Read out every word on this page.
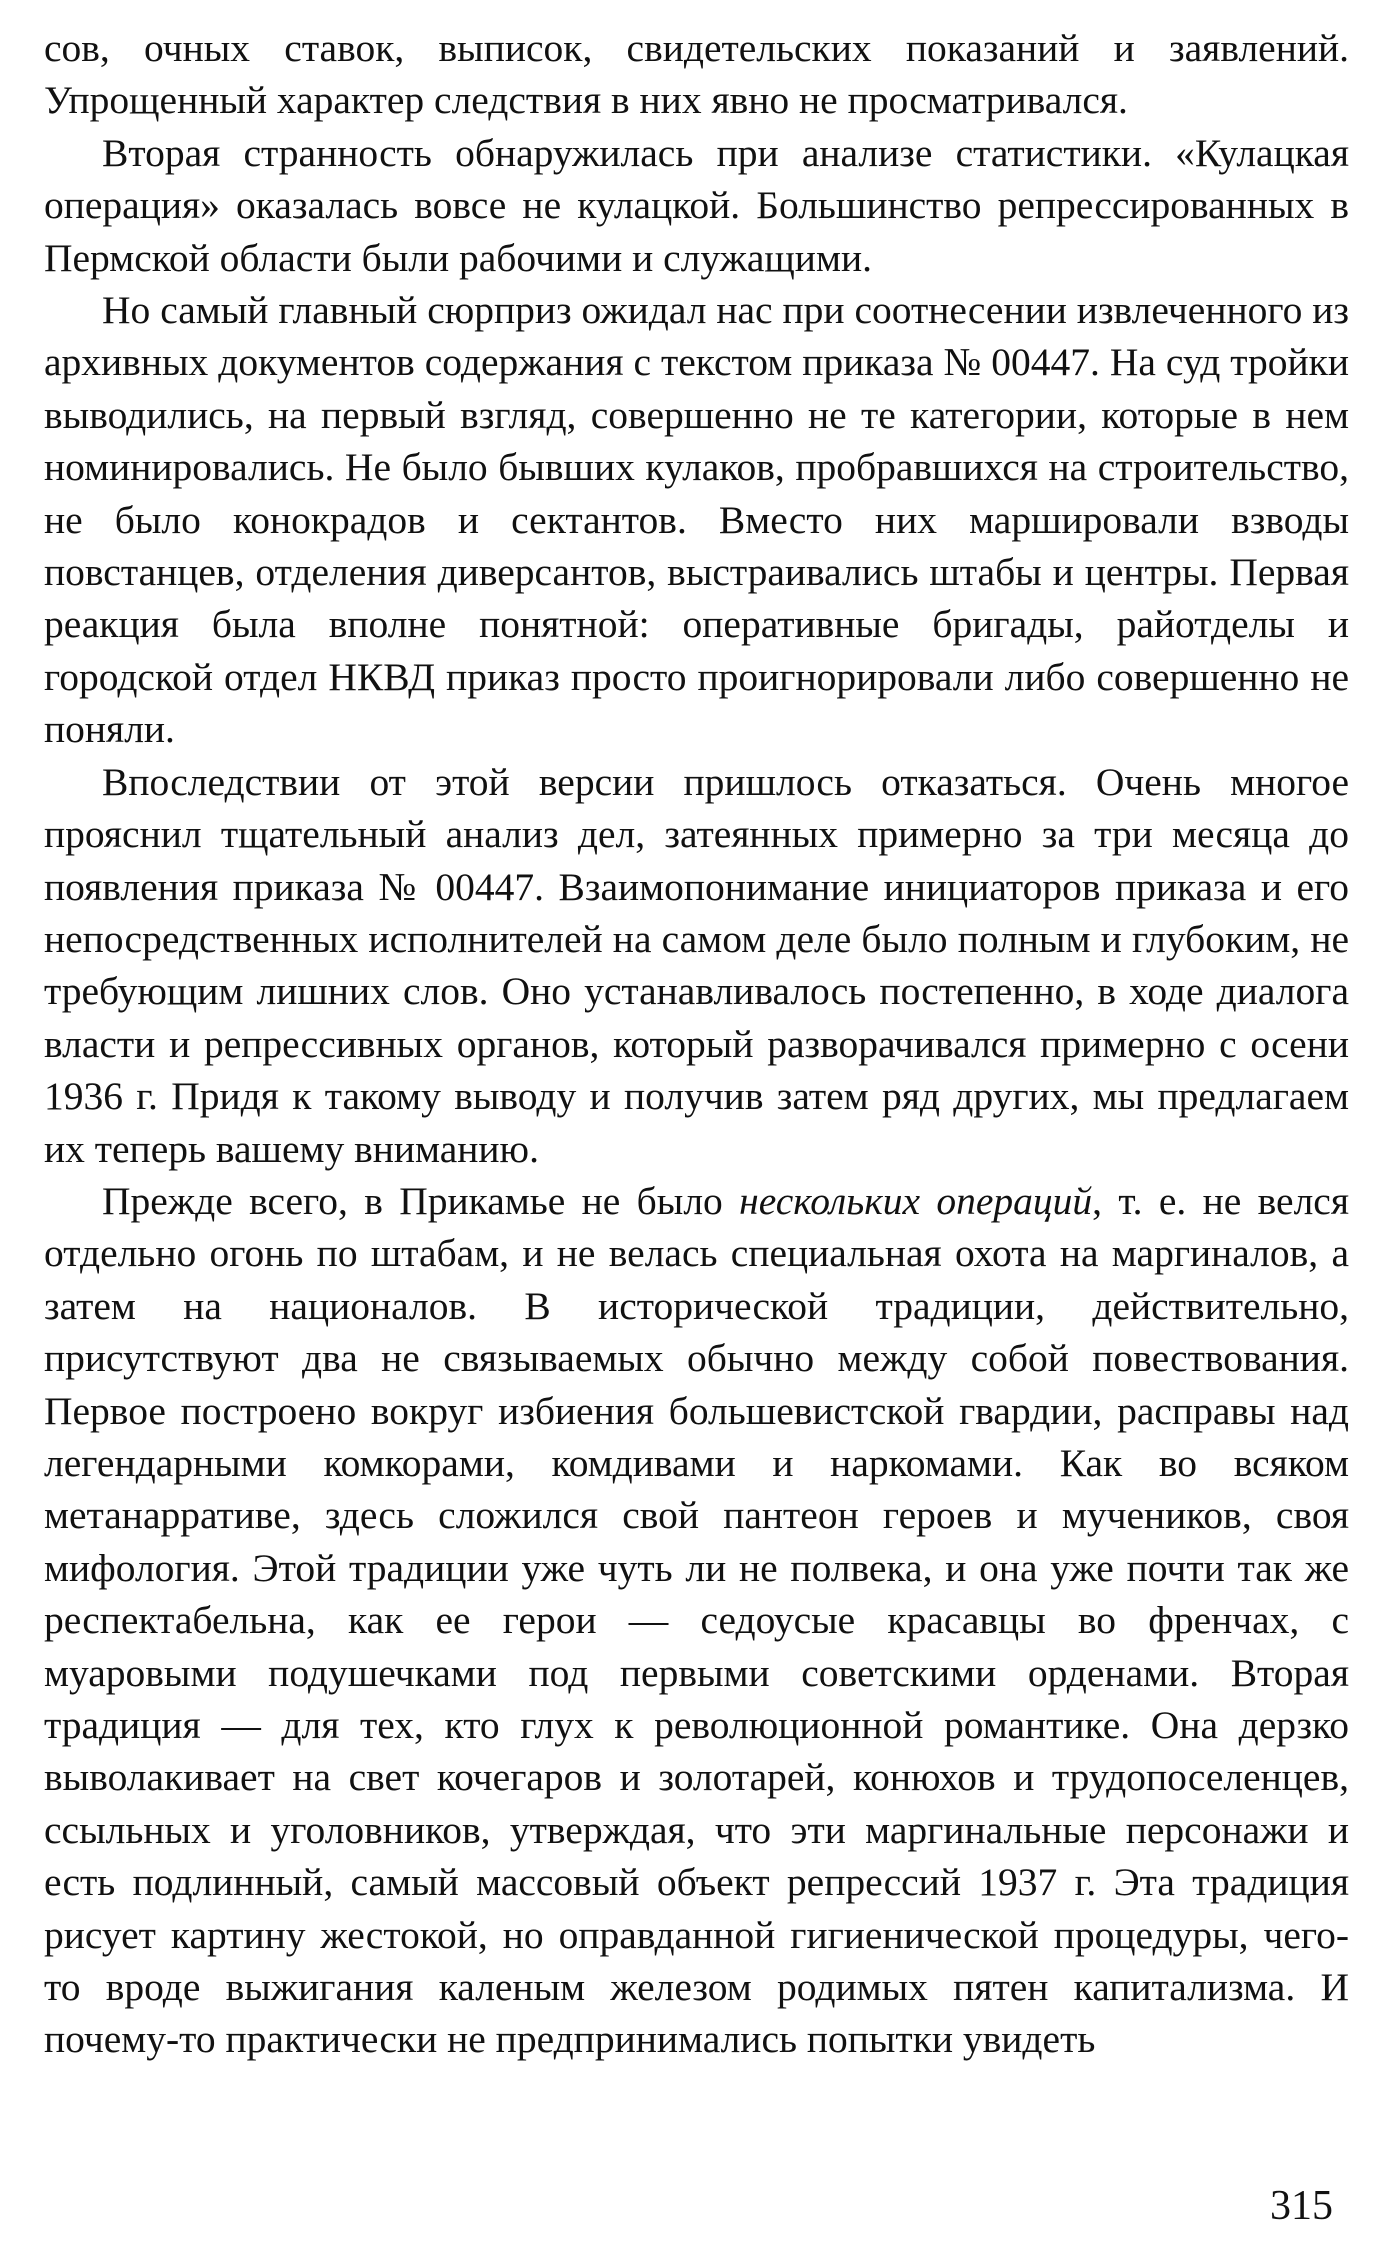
сов, очных ставок, выписок, свидетельских показаний и заявлений. Упрощенный характер следствия в них явно не просматривался.

Вторая странность обнаружилась при анализе статистики. «Кулацкая операция» оказалась вовсе не кулацкой. Большинство репрессированных в Пермской области были рабочими и служащими.

Но самый главный сюрприз ожидал нас при соотнесении извлеченного из архивных документов содержания с текстом приказа № 00447. На суд тройки выводились, на первый взгляд, совершенно не те категории, которые в нем номинировались. Не было бывших кулаков, пробравшихся на строительство, не было конокрадов и сектантов. Вместо них маршировали взводы повстанцев, отделения диверсантов, выстраивались штабы и центры. Первая реакция была вполне понятной: оперативные бригады, райотделы и городской отдел НКВД приказ просто проигнорировали либо совершенно не поняли.

Впоследствии от этой версии пришлось отказаться. Очень многое прояснил тщательный анализ дел, затеянных примерно за три месяца до появления приказа № 00447. Взаимопонимание инициаторов приказа и его непосредственных исполнителей на самом деле было полным и глубоким, не требующим лишних слов. Оно устанавливалось постепенно, в ходе диалога власти и репрессивных органов, который разворачивался примерно с осени 1936 г. Придя к такому выводу и получив затем ряд других, мы предлагаем их теперь вашему вниманию.

Прежде всего, в Прикамье не было нескольких операций, т. е. не велся отдельно огонь по штабам, и не велась специальная охота на маргиналов, а затем на националов. В исторической традиции, действительно, присутствуют два не связываемых обычно между собой повествования. Первое построено вокруг избиения большевистской гвардии, расправы над легендарными комкорами, комдивами и наркомами. Как во всяком метанарративе, здесь сложился свой пантеон героев и мучеников, своя мифология. Этой традиции уже чуть ли не полвека, и она уже почти так же респектабельна, как ее герои — седоусые красавцы во френчах, с муаровыми подушечками под первыми советскими орденами. Вторая традиция — для тех, кто глух к революционной романтике. Она дерзко выволакивает на свет кочегаров и золотарей, конюхов и трудопоселенцев, ссыльных и уголовников, утверждая, что эти маргинальные персонажи и есть подлинный, самый массовый объект репрессий 1937 г. Эта традиция рисует картину жестокой, но оправданной гигиенической процедуры, чего-то вроде выжигания каленым железом родимых пятен капитализма. И почему-то практически не предпринимались попытки увидеть

315
